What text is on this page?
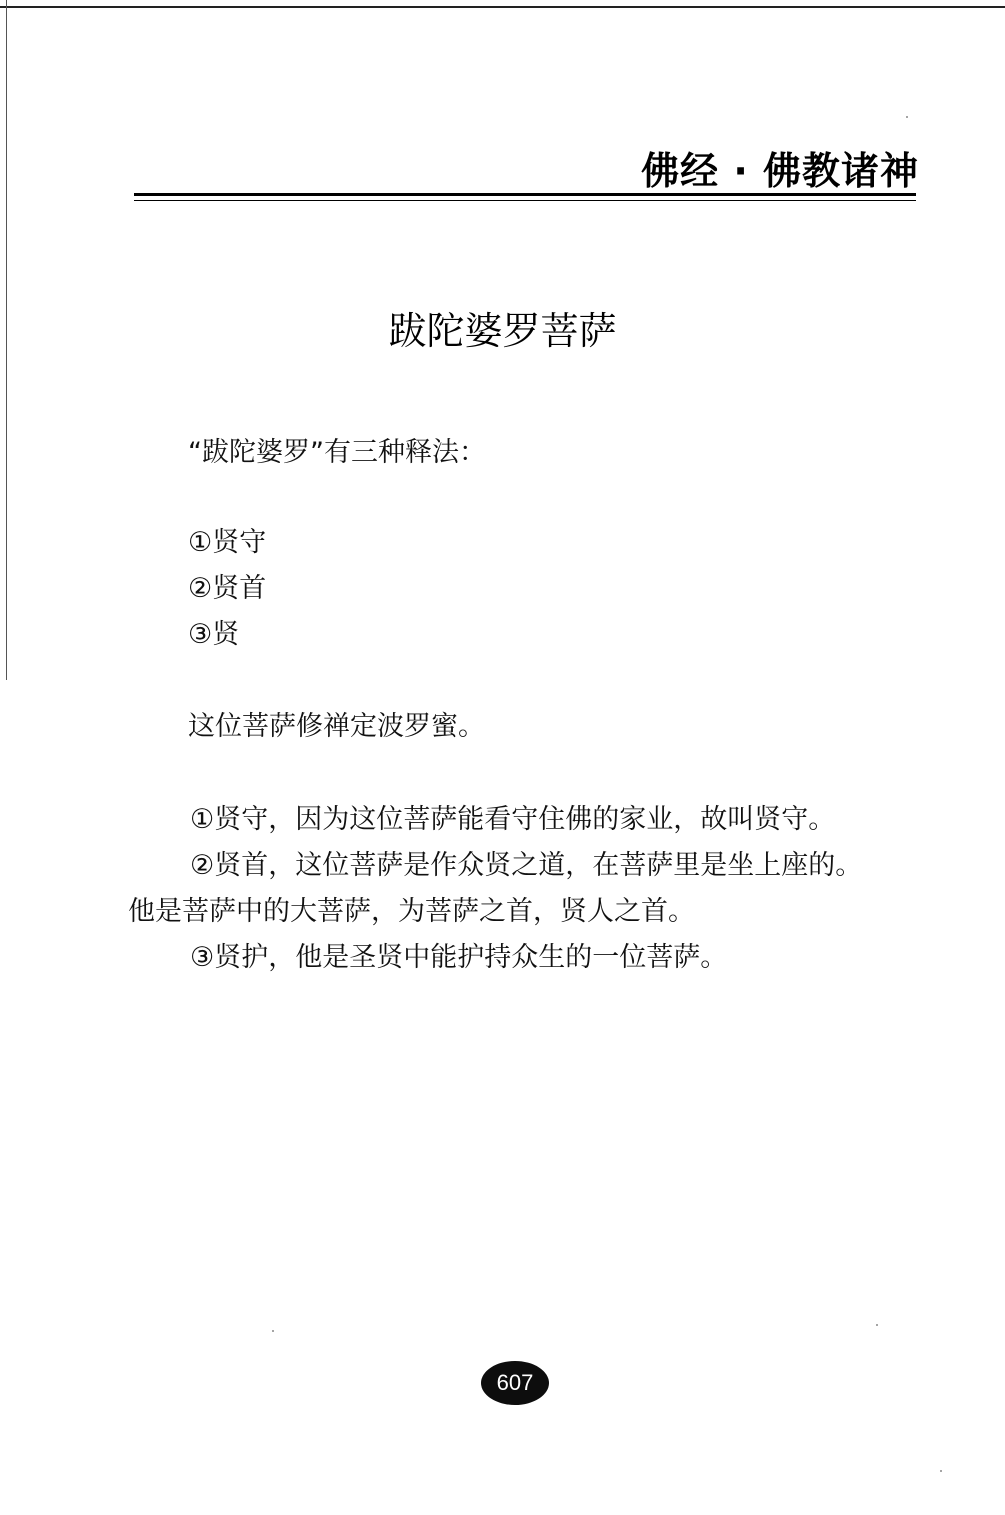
佛经 · 佛教诸神
跋陀婆罗菩萨
“跋陀婆罗”有三种释法：
①贤守
②贤首
③贤
这位菩萨修禅定波罗蜜。

①贤守，因为这位菩萨能看守住佛的家业，故叫贤守。

②贤首，这位菩萨是作众贤之道，在菩萨里是坐上座的。他是菩萨中的大菩萨，为菩萨之首，贤人之首。

③贤护，他是圣贤中能护持众生的一位菩萨。

607
